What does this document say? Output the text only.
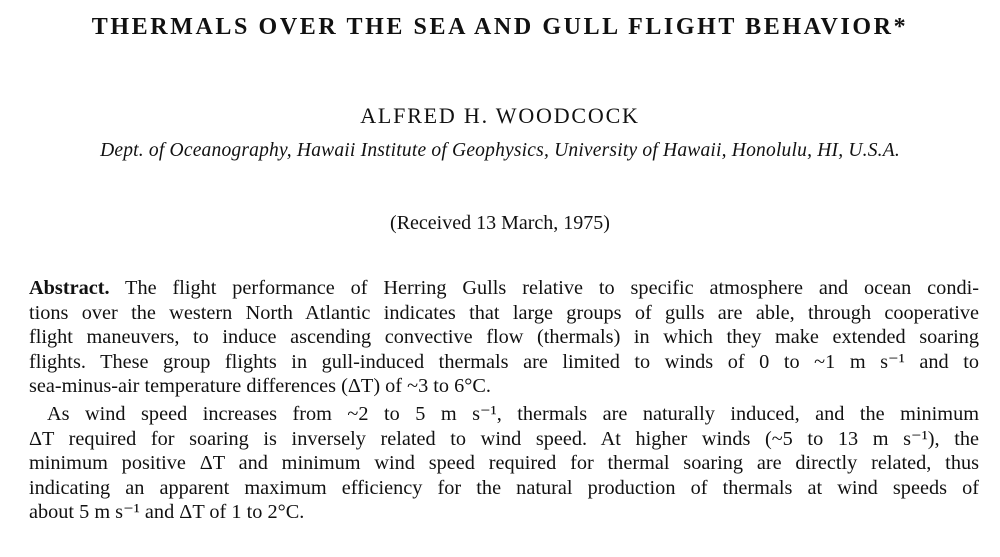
THERMALS OVER THE SEA AND GULL FLIGHT BEHAVIOR*
ALFRED H. WOODCOCK
Dept. of Oceanography, Hawaii Institute of Geophysics, University of Hawaii, Honolulu, HI, U.S.A.
(Received 13 March, 1975)
Abstract. The flight performance of Herring Gulls relative to specific atmosphere and ocean condi-
tions over the western North Atlantic indicates that large groups of gulls are able, through cooperative
flight maneuvers, to induce ascending convective flow (thermals) in which they make extended soaring
flights. These group flights in gull-induced thermals are limited to winds of 0 to ~1 m s⁻¹ and to
sea-minus-air temperature differences (ΔT) of ~3 to 6°C.
As wind speed increases from ~2 to 5 m s⁻¹, thermals are naturally induced, and the minimum
ΔT required for soaring is inversely related to wind speed. At higher winds (~5 to 13 m s⁻¹), the
minimum positive ΔT and minimum wind speed required for thermal soaring are directly related, thus
indicating an apparent maximum efficiency for the natural production of thermals at wind speeds of
about 5 m s⁻¹ and ΔT of 1 to 2°C.
